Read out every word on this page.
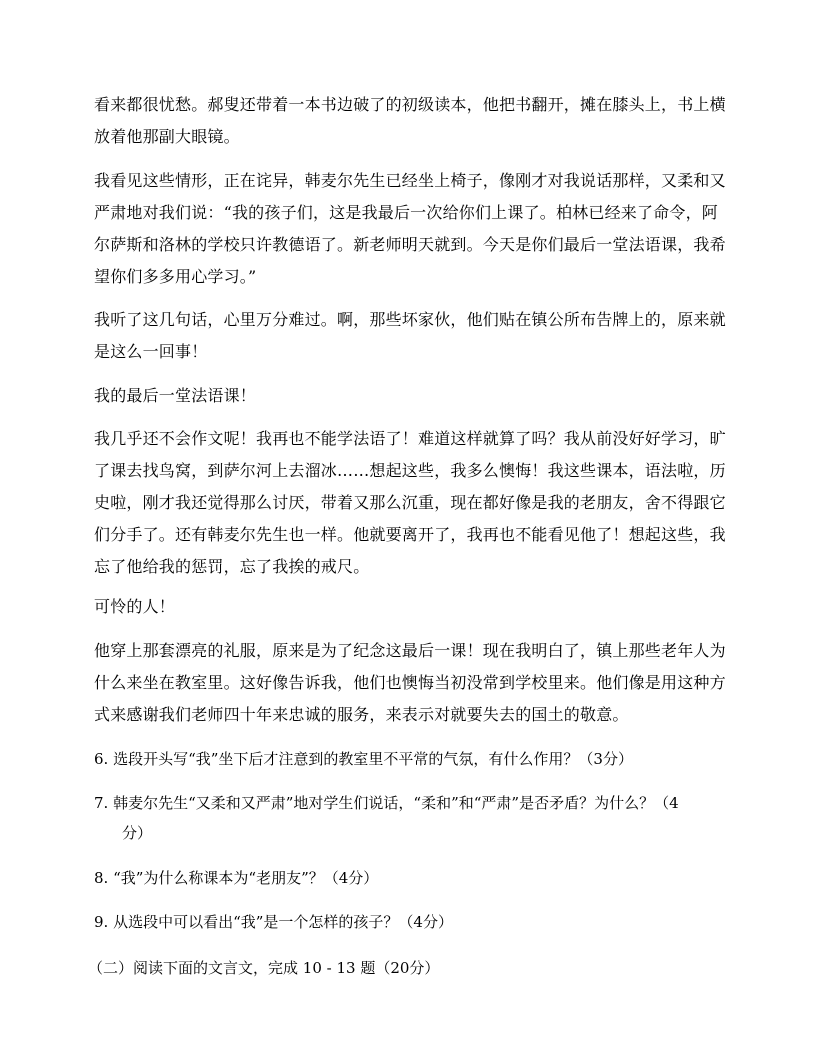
看来都很忧愁。郝叟还带着一本书边破了的初级读本，他把书翻开，摊在膝头上，书上横放着他那副大眼镜。

我看见这些情形，正在诧异，韩麦尔先生已经坐上椅子，像刚才对我说话那样，又柔和又严肃地对我们说：“我的孩子们，这是我最后一次给你们上课了。柏林已经来了命令，阿尔萨斯和洛林的学校只许教德语了。新老师明天就到。今天是你们最后一堂法语课，我希望你们多多用心学习。”

我听了这几句话，心里万分难过。啊，那些坏家伙，他们贴在镇公所布告牌上的，原来就是这么一回事！

我的最后一堂法语课！

我几乎还不会作文呢！我再也不能学法语了！难道这样就算了吗？我从前没好好学习，旷了课去找鸟窝，到萨尔河上去溜冰……想起这些，我多么懊悔！我这些课本，语法啦，历史啦，刚才我还觉得那么讨厌，带着又那么沉重，现在都好像是我的老朋友，舍不得跟它们分手了。还有韩麦尔先生也一样。他就要离开了，我再也不能看见他了！想起这些，我忘了他给我的惩罚，忘了我挨的戒尺。

可怜的人！

他穿上那套漂亮的礼服，原来是为了纪念这最后一课！现在我明白了，镇上那些老年人为什么来坐在教室里。这好像告诉我，他们也懊悔当初没常到学校里来。他们像是用这种方式来感谢我们老师四十年来忠诚的服务，来表示对就要失去的国土的敬意。

6. 选段开头写“我”坐下后才注意到的教室里不平常的气氛，有什么作用？（3分）

7. 韩麦尔先生“又柔和又严肃”地对学生们说话，“柔和”和“严肃”是否矛盾？为什么？（4
分）

8. “我”为什么称课本为“老朋友”？（4分）

9. 从选段中可以看出“我”是一个怎样的孩子？（4分）

（二）阅读下面的文言文，完成 10 - 13 题（20分）
